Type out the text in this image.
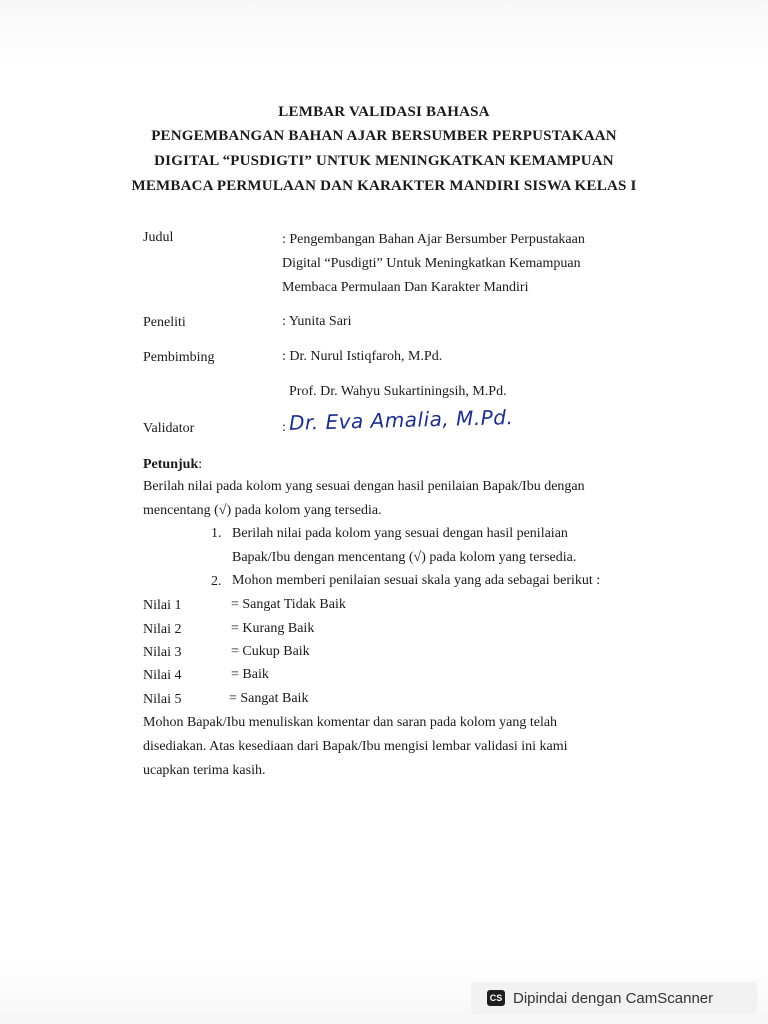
LEMBAR VALIDASI BAHASA
PENGEMBANGAN BAHAN AJAR BERSUMBER PERPUSTAKAAN
DIGITAL “PUSDIGTI” UNTUK MENINGKATKAN KEMAMPUAN
MEMBACA PERMULAAN DAN KARAKTER MANDIRI SISWA KELAS I
Judul	: Pengembangan Bahan Ajar Bersumber Perpustakaan

Digital “Pusdigti” Untuk Meningkatkan Kemampuan

Membaca Permulaan Dan Karakter Mandiri

Peneliti	: Yunita Sari
Pembimbing	: Dr. Nurul Istiqfaroh, M.Pd.
Prof. Dr. Wahyu Sukartiningsih, M.Pd.
Validator	: Dr. Eva Amalia, M.Pd.
Petunjuk:
Berilah nilai pada kolom yang sesuai dengan hasil penilaian Bapak/Ibu dengan
mencentang (√) pada kolom yang tersedia.
1. Berilah nilai pada kolom yang sesuai dengan hasil penilaian
Bapak/Ibu dengan mencentang (√) pada kolom yang tersedia.
2. Mohon memberi penilaian sesuai skala yang ada sebagai berikut :
Nilai 1	= Sangat Tidak Baik
Nilai 2	= Kurang Baik
Nilai 3	= Cukup Baik
Nilai 4	= Baik
Nilai 5	= Sangat Baik
Mohon Bapak/Ibu menuliskan komentar dan saran pada kolom yang telah
disediakan. Atas kesediaan dari Bapak/Ibu mengisi lembar validasi ini kami
ucapkan terima kasih.
CS Dipindai dengan CamScanner
